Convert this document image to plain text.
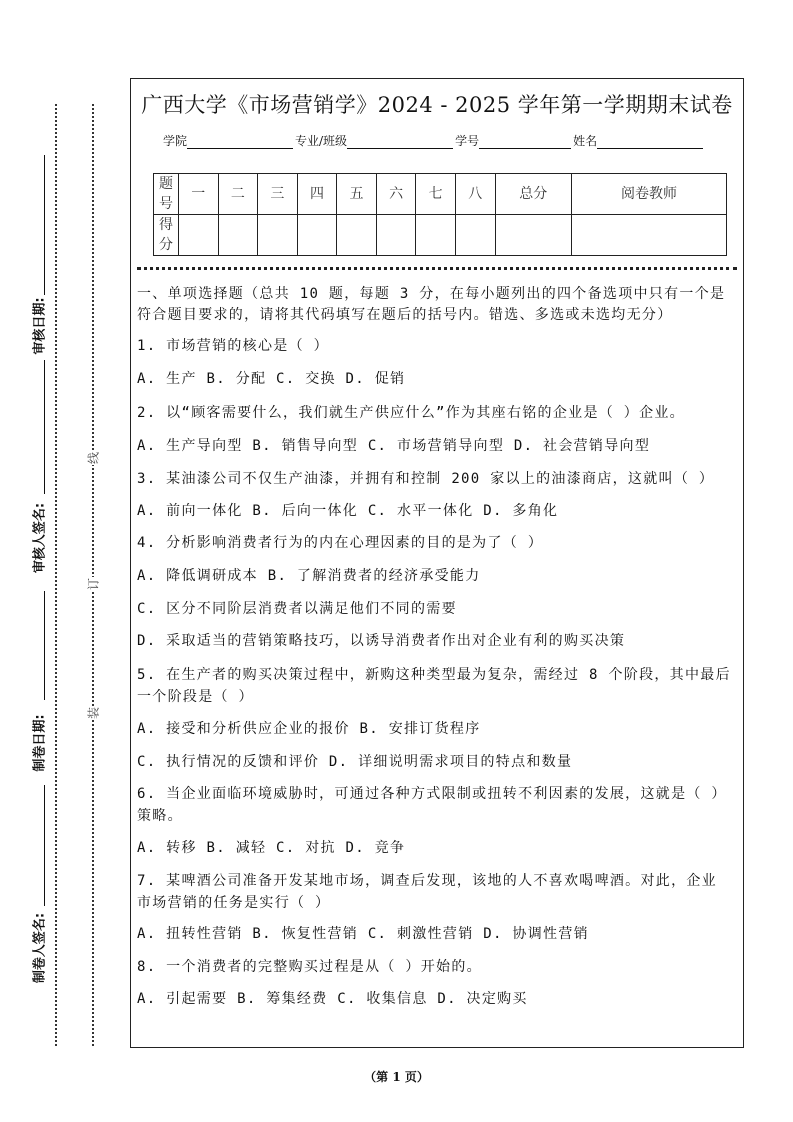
审核日期:
审核人签名:
制卷日期:
制卷人签名:
线
订
装
广西大学《市场营销学》2024 - 2025 学年第一学期期末试卷
学院	专业/班级	学号	姓名
题号	一	二	三	四	五	六	七	八	总分	阅卷教师
得分										
一、单项选择题（总共 10 题，每题 3 分，在每小题列出的四个备选项中只有一个是
符合题目要求的，请将其代码填写在题后的括号内。错选、多选或未选均无分）
1. 市场营销的核心是（ ）
A. 生产 B. 分配 C. 交换 D. 促销
2. 以“顾客需要什么，我们就生产供应什么”作为其座右铭的企业是（ ）企业。
A. 生产导向型 B. 销售导向型 C. 市场营销导向型 D. 社会营销导向型
3. 某油漆公司不仅生产油漆，并拥有和控制 200 家以上的油漆商店，这就叫（ ）
A. 前向一体化 B. 后向一体化 C. 水平一体化 D. 多角化
4. 分析影响消费者行为的内在心理因素的目的是为了（ ）
A. 降低调研成本 B. 了解消费者的经济承受能力
C. 区分不同阶层消费者以满足他们不同的需要
D. 采取适当的营销策略技巧，以诱导消费者作出对企业有利的购买决策
5. 在生产者的购买决策过程中，新购这种类型最为复杂，需经过 8 个阶段，其中最后
一个阶段是（ ）
A. 接受和分析供应企业的报价 B. 安排订货程序
C. 执行情况的反馈和评价 D. 详细说明需求项目的特点和数量
6. 当企业面临环境威胁时，可通过各种方式限制或扭转不利因素的发展，这就是（ ）
策略。
A. 转移 B. 减轻 C. 对抗 D. 竞争
7. 某啤酒公司准备开发某地市场，调查后发现，该地的人不喜欢喝啤酒。对此，企业
市场营销的任务是实行（ ）
A. 扭转性营销 B. 恢复性营销 C. 刺激性营销 D. 协调性营销
8. 一个消费者的完整购买过程是从（ ）开始的。
A. 引起需要 B. 筹集经费 C. 收集信息 D. 决定购买
（第 1 页）
